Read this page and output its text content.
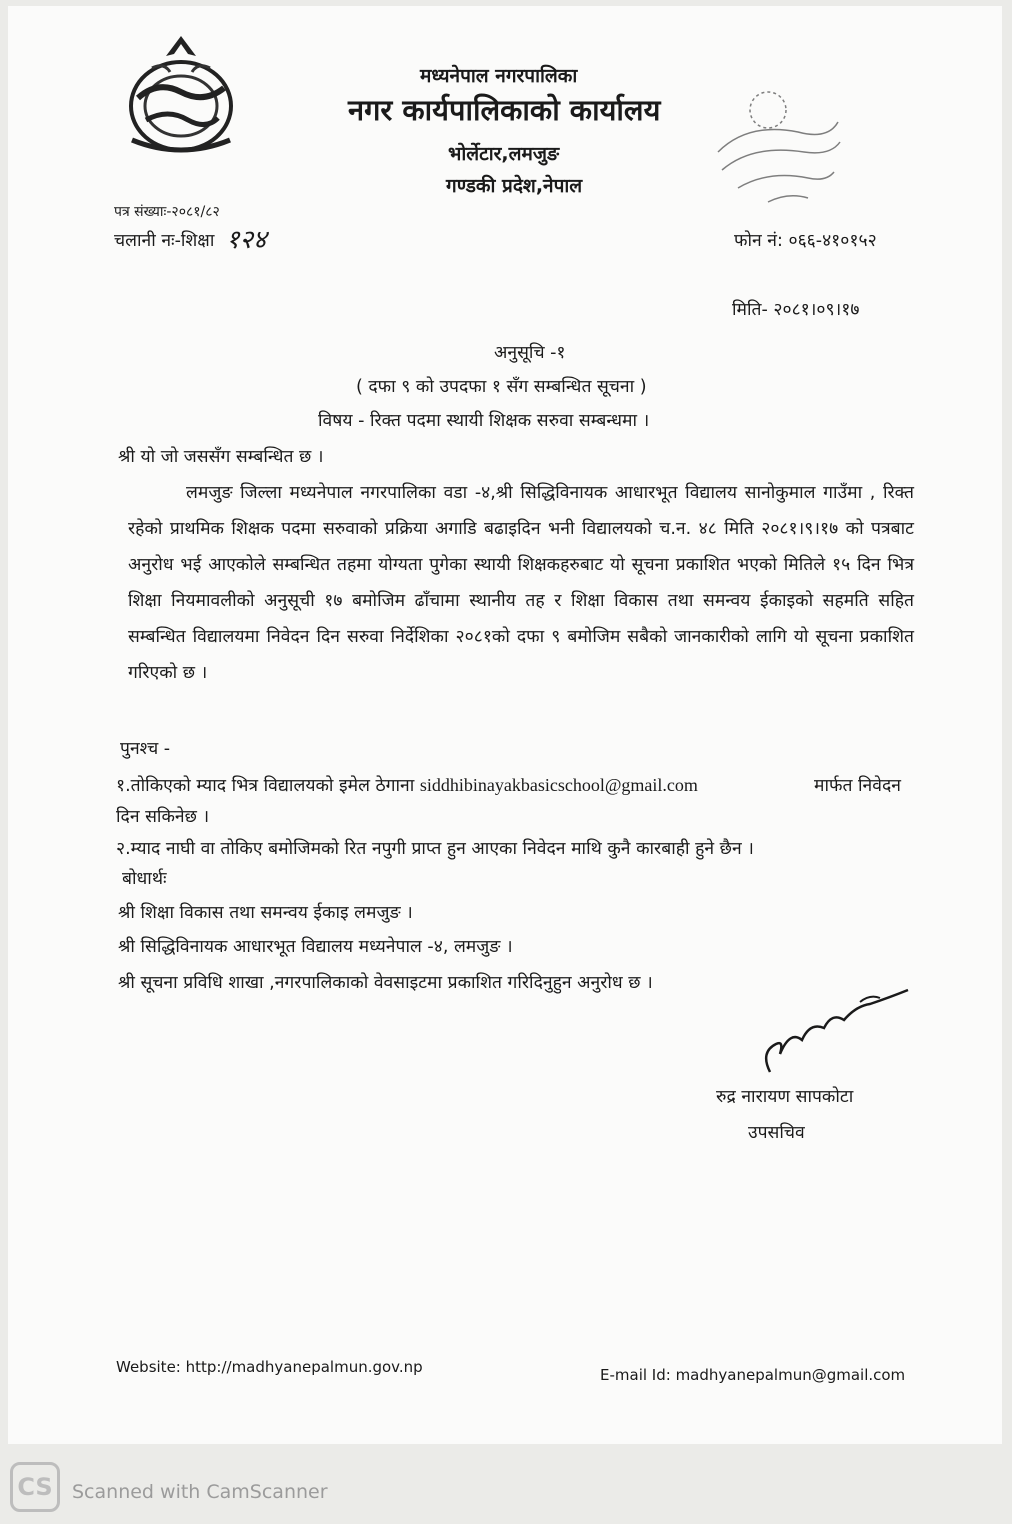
मध्यनेपाल नगरपालिका
नगर कार्यपालिकाको कार्यालय
भोर्लेटार,लमजुङ
गण्डकी प्रदेश,नेपाल
पत्र संख्याः-२०८१/८२
चलानी नः-शिक्षा १२४	फोन नं: ०६६-४१०१५२
मिति- २०८१।०९।१७
अनुसूचि -१
( दफा ९ को उपदफा १ सँग सम्बन्धित सूचना )
विषय - रिक्त पदमा स्थायी शिक्षक सरुवा सम्बन्धमा ।
श्री यो जो जससँग सम्बन्धित छ ।
लमजुङ जिल्ला मध्यनेपाल नगरपालिका वडा -४,श्री सिद्धिविनायक आधारभूत विद्यालय सानोकुमाल गाउँमा , रिक्त रहेको प्राथमिक शिक्षक पदमा सरुवाको प्रक्रिया अगाडि बढाइदिन भनी विद्यालयको च.न. ४८ मिति २०८१।९।१७ को पत्रबाट अनुरोध भई आएकोले सम्बन्धित तहमा योग्यता पुगेका स्थायी शिक्षकहरुबाट यो सूचना प्रकाशित भएको मितिले १५ दिन भित्र शिक्षा नियमावलीको अनुसूची १७ बमोजिम ढाँचामा स्थानीय तह र शिक्षा विकास तथा समन्वय ईकाइको सहमति सहित सम्बन्धित विद्यालयमा निवेदन दिन सरुवा निर्देशिका २०८१को दफा ९ बमोजिम सबैको जानकारीको लागि यो सूचना प्रकाशित गरिएको छ ।
पुनश्च -
१.तोकिएको म्याद भित्र विद्यालयको इमेल ठेगाना siddhibinayakbasicschool@gmail.com	मार्फत निवेदन
दिन सकिनेछ ।
२.म्याद नाघी वा तोकिए बमोजिमको रित नपुगी प्राप्त हुन आएका निवेदन माथि कुनै कारबाही हुने छैन ।
बोधार्थः
श्री शिक्षा विकास तथा समन्वय ईकाइ लमजुङ ।
श्री सिद्धिविनायक आधारभूत विद्यालय मध्यनेपाल -४, लमजुङ ।
श्री सूचना प्रविधि शाखा ,नगरपालिकाको वेवसाइटमा प्रकाशित गरिदिनुहुन अनुरोध छ ।
रुद्र नारायण सापकोटा
उपसचिव
Website: http://madhyanepalmun.gov.np	E-mail Id: madhyanepalmun@gmail.com
CS	Scanned with CamScanner
